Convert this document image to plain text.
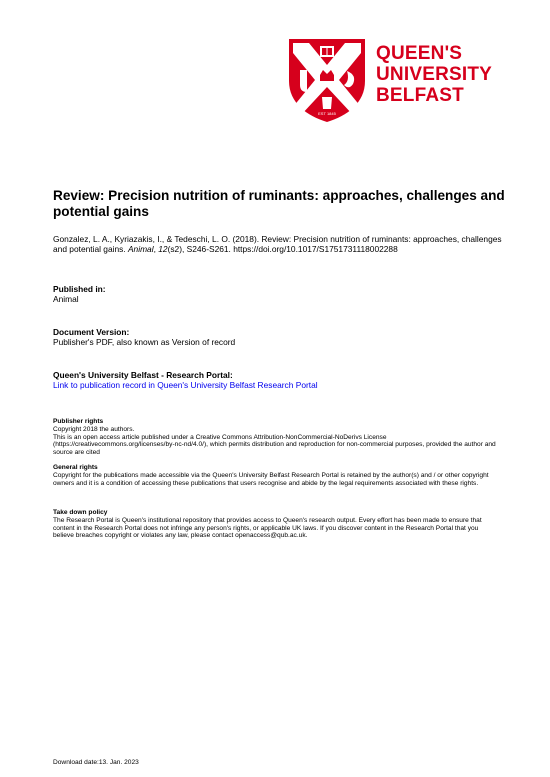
EST 1845
QUEEN'S
UNIVERSITY
BELFAST
Review: Precision nutrition of ruminants: approaches, challenges and potential gains
Gonzalez, L. A., Kyriazakis, I., & Tedeschi, L. O. (2018). Review: Precision nutrition of ruminants: approaches, challenges and potential gains. Animal, 12(s2), S246-S261. https://doi.org/10.1017/S1751731118002288
Published in:
Animal
Document Version:
Publisher's PDF, also known as Version of record
Queen's University Belfast - Research Portal:
Link to publication record in Queen's University Belfast Research Portal
Publisher rights
Copyright 2018 the authors.
This is an open access article published under a Creative Commons Attribution-NonCommercial-NoDerivs License (https://creativecommons.org/licenses/by-nc-nd/4.0/), which permits distribution and reproduction for non-commercial purposes, provided the author and source are cited
General rights
Copyright for the publications made accessible via the Queen's University Belfast Research Portal is retained by the author(s) and / or other copyright owners and it is a condition of accessing these publications that users recognise and abide by the legal requirements associated with these rights.
Take down policy
The Research Portal is Queen's institutional repository that provides access to Queen's research output. Every effort has been made to ensure that content in the Research Portal does not infringe any person's rights, or applicable UK laws. If you discover content in the Research Portal that you believe breaches copyright or violates any law, please contact openaccess@qub.ac.uk.
Download date:13. Jan. 2023
